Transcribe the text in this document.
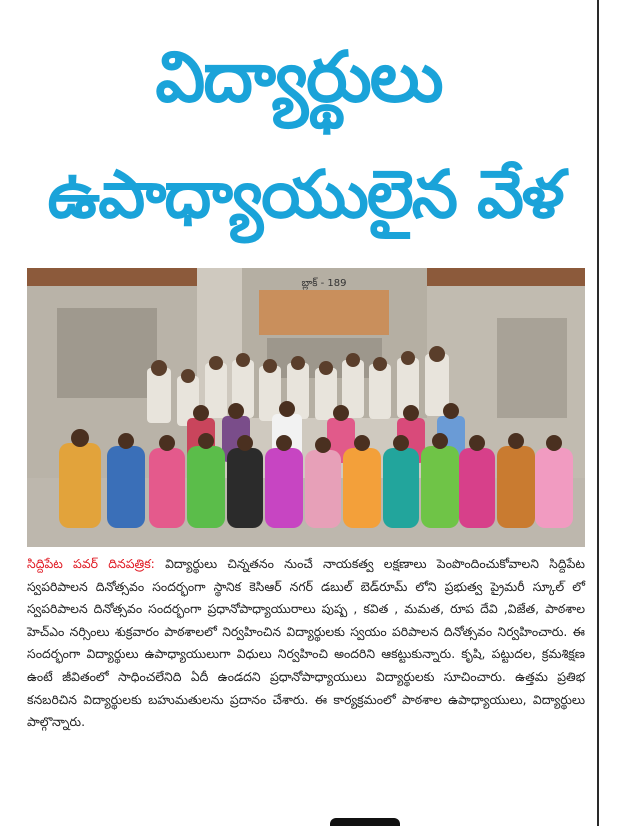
విద్యార్థులు
ఉపాధ్యాయులైన వేళ
బ్లాక్ - 189
సిద్దిపేట పవర్ దినపత్రిక: విద్యార్థులు చిన్నతనం నుంచే నాయకత్వ లక్షణాలు పెంపొందించుకోవాలని సిద్దిపేట స్వపరిపాలన దినోత్సవం సందర్భంగా స్థానిక కెసిఆర్ నగర్ డబుల్ బెడ్‌రూమ్ లోని ప్రభుత్వ ప్రైమరీ స్కూల్ లో స్వపరిపాలన దినోత్సవం సందర్భంగా ప్రధానోపాధ్యాయురాలు పుష్ప , కవిత , మమత, రూప దేవి ,విజేత, పాఠశాల హెచ్ఎం నర్సింలు శుక్రవారం పాఠశాలలో నిర్వహించిన విద్యార్థులకు స్వయం పరిపాలన దినోత్సవం నిర్వహించారు. ఈ సందర్భంగా విద్యార్థులు ఉపాధ్యాయులుగా విధులు నిర్వహించి అందరిని ఆకట్టుకున్నారు. కృషి, పట్టుదల, క్రమశిక్షణ ఉంటే జీవితంలో సాధించలేనిది ఏదీ ఉండదని ప్రధానోపాధ్యాయులు విద్యార్థులకు సూచించారు. ఉత్తమ ప్రతిభ కనబరిచిన విద్యార్థులకు బహుమతులను ప్రదానం చేశారు. ఈ కార్యక్రమంలో పాఠశాల ఉపాధ్యాయులు, విద్యార్థులు పాల్గొన్నారు.
